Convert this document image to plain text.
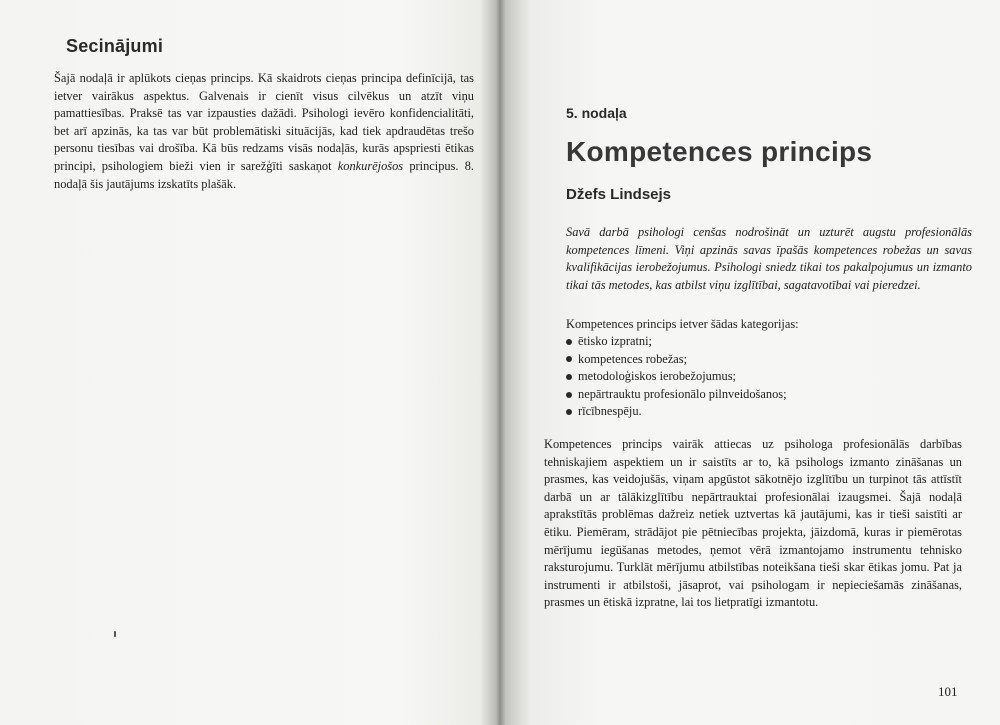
Secinājumi

Šajā nodaļā ir aplūkots cieņas princips. Kā skaidrots cieņas principa definīcijā, tas ietver vairākus aspektus. Galvenais ir cienīt visus cilvēkus un atzīt viņu pamattiesības. Praksē tas var izpausties dažādi. Psihologi ievēro konfidencialitāti, bet arī apzinās, ka tas var būt problemātiski situācijās, kad tiek apdraudētas trešo personu tiesības vai drošība. Kā būs redzams visās nodaļās, kurās apspriesti ētikas principi, psihologiem bieži vien ir sarežģīti saskaņot konkurējošos principus. 8. nodaļā šis jautājums izskatīts plašāk.

5. nodaļa
Kompetences princips
Džefs Lindsejs

Savā darbā psihologi cenšas nodrošināt un uzturēt augstu profesionālās kompetences līmeni. Viņi apzinās savas īpašās kompetences robežas un savas kvalifikācijas ierobežojumus. Psihologi sniedz tikai tos pakalpojumus un izmanto tikai tās metodes, kas atbilst viņu izglītībai, sagatavotībai vai pieredzei.

Kompetences princips ietver šādas kategorijas:

ētisko izpratni;
kompetences robežas;
metodoloģiskos ierobežojumus;
nepārtrauktu profesionālo pilnveidošanos;
rīcībnespēju.

Kompetences princips vairāk attiecas uz psihologa profesionālās darbības tehniskajiem aspektiem un ir saistīts ar to, kā psihologs izmanto zināšanas un prasmes, kas veidojušās, viņam apgūstot sākotnējo izglītību un turpinot tās attīstīt darbā un ar tālākizglītību nepārtrauktai profesionālai izaugsmei. Šajā nodaļā aprakstītās problēmas dažreiz netiek uztvertas kā jautājumi, kas ir tieši saistīti ar ētiku. Piemēram, strādājot pie pētniecības projekta, jāizdomā, kuras ir piemērotas mērījumu iegūšanas metodes, ņemot vērā izmantojamo instrumentu tehnisko raksturojumu. Turklāt mērījumu atbilstības noteikšana tieši skar ētikas jomu. Pat ja instrumenti ir atbilstoši, jāsaprot, vai psihologam ir nepieciešamās zināšanas, prasmes un ētiskā izpratne, lai tos lietpratīgi izmantotu.

101
